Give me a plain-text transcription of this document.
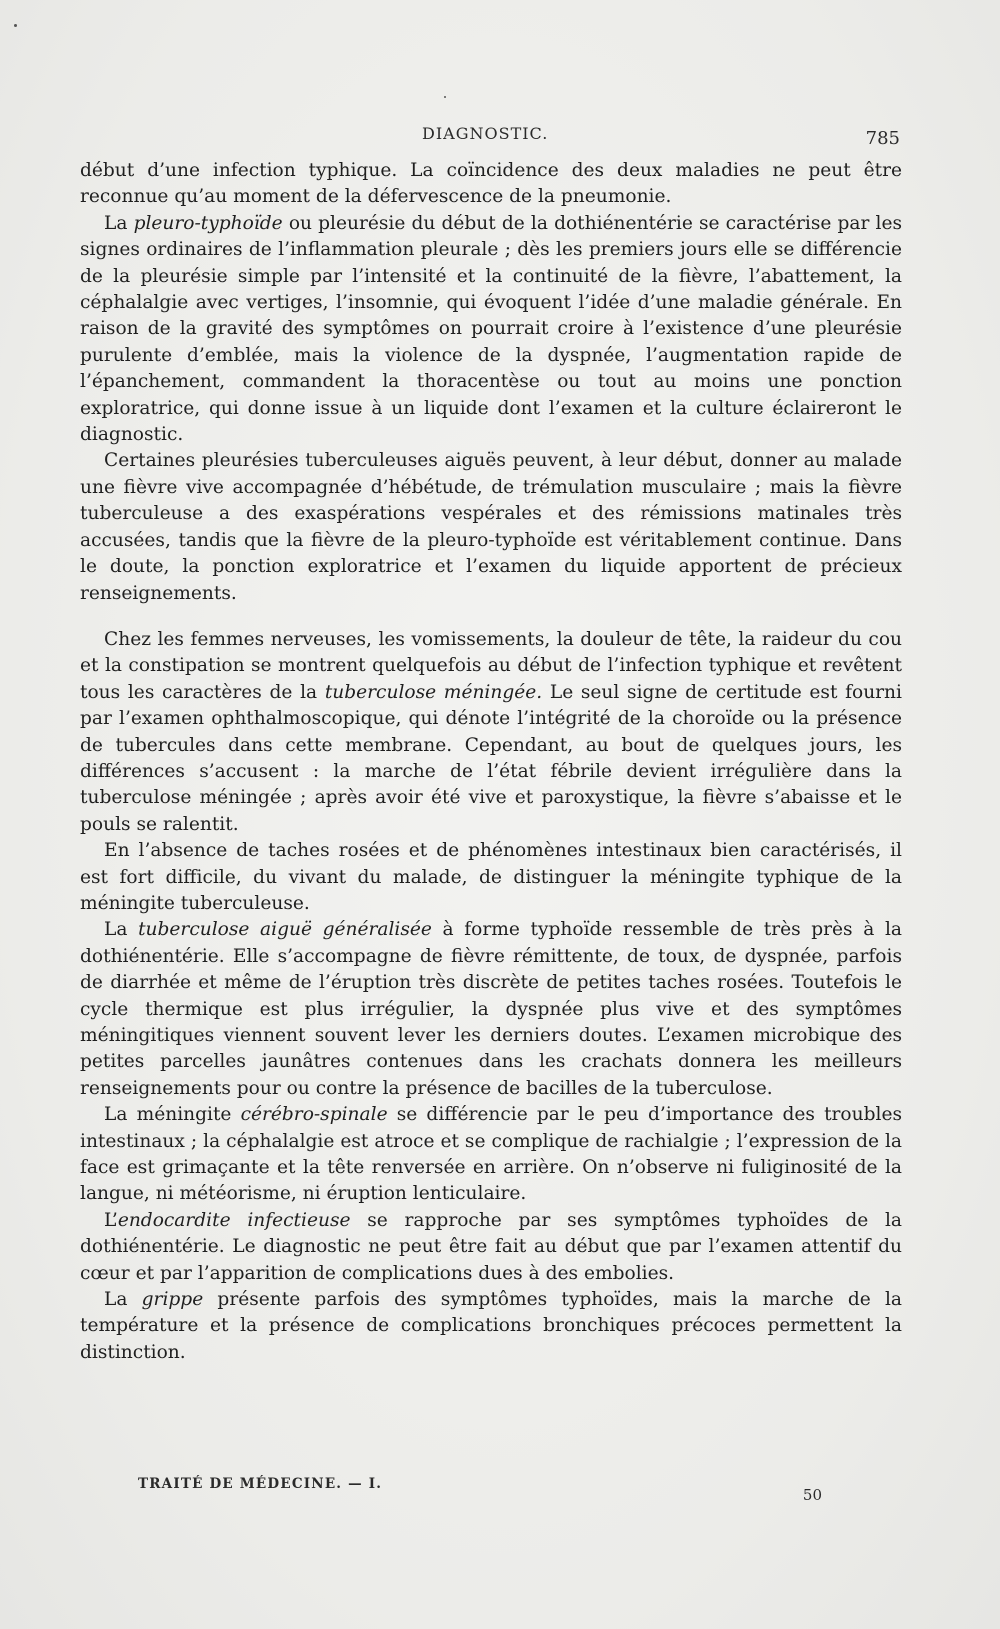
DIAGNOSTIC.	785

début d’une infection typhique. La coïncidence des deux maladies ne peut être reconnue qu’au moment de la défervescence de la pneumonie.

La pleuro-typhoïde ou pleurésie du début de la dothiénentérie se caractérise par les signes ordinaires de l’inflammation pleurale ; dès les premiers jours elle se différencie de la pleurésie simple par l’intensité et la continuité de la fièvre, l’abattement, la céphalalgie avec vertiges, l’insomnie, qui évoquent l’idée d’une maladie générale. En raison de la gravité des symptômes on pourrait croire à l’existence d’une pleurésie purulente d’emblée, mais la violence de la dyspnée, l’augmentation rapide de l’épanchement, commandent la thoracentèse ou tout au moins une ponction exploratrice, qui donne issue à un liquide dont l’examen et la culture éclaireront le diagnostic.

Certaines pleurésies tuberculeuses aiguës peuvent, à leur début, donner au malade une fièvre vive accompagnée d’hébétude, de trémulation musculaire ; mais la fièvre tuberculeuse a des exaspérations vespérales et des rémissions matinales très accusées, tandis que la fièvre de la pleuro-typhoïde est véritablement continue. Dans le doute, la ponction exploratrice et l’examen du liquide apportent de précieux renseignements.

Chez les femmes nerveuses, les vomissements, la douleur de tête, la raideur du cou et la constipation se montrent quelquefois au début de l’infection typhique et revêtent tous les caractères de la tuberculose méningée. Le seul signe de certitude est fourni par l’examen ophthalmoscopique, qui dénote l’intégrité de la choroïde ou la présence de tubercules dans cette membrane. Cependant, au bout de quelques jours, les différences s’accusent : la marche de l’état fébrile devient irrégulière dans la tuberculose méningée ; après avoir été vive et paroxystique, la fièvre s’abaisse et le pouls se ralentit.

En l’absence de taches rosées et de phénomènes intestinaux bien caractérisés, il est fort difficile, du vivant du malade, de distinguer la méningite typhique de la méningite tuberculeuse.

La tuberculose aiguë généralisée à forme typhoïde ressemble de très près à la dothiénentérie. Elle s’accompagne de fièvre rémittente, de toux, de dyspnée, parfois de diarrhée et même de l’éruption très discrète de petites taches rosées. Toutefois le cycle thermique est plus irrégulier, la dyspnée plus vive et des symptômes méningitiques viennent souvent lever les derniers doutes. L’examen microbique des petites parcelles jaunâtres contenues dans les crachats donnera les meilleurs renseignements pour ou contre la présence de bacilles de la tuberculose.

La méningite cérébro-spinale se différencie par le peu d’importance des troubles intestinaux ; la céphalalgie est atroce et se complique de rachialgie ; l’expression de la face est grimaçante et la tête renversée en arrière. On n’observe ni fuliginosité de la langue, ni météorisme, ni éruption lenticulaire.

L’endocardite infectieuse se rapproche par ses symptômes typhoïdes de la dothiénentérie. Le diagnostic ne peut être fait au début que par l’examen attentif du cœur et par l’apparition de complications dues à des embolies.

La grippe présente parfois des symptômes typhoïdes, mais la marche de la température et la présence de complications bronchiques précoces permettent la distinction.

TRAITÉ DE MÉDECINE. — I.
50
